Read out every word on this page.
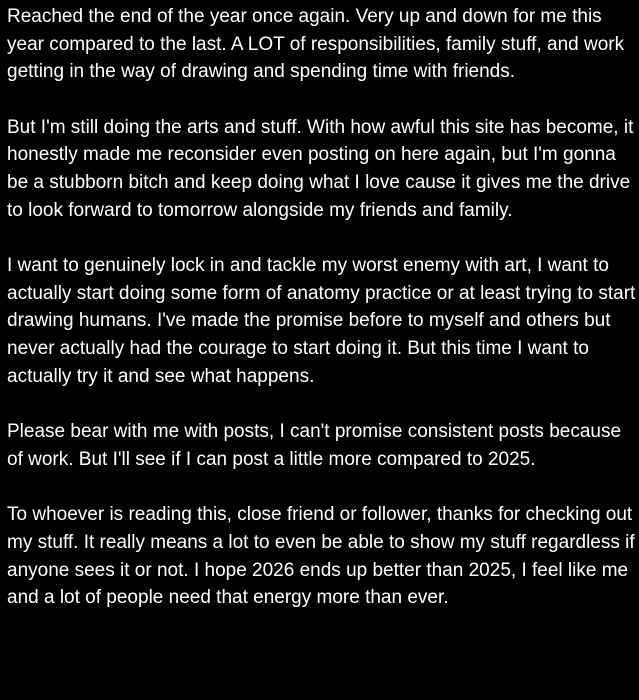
Reached the end of the year once again. Very up and down for me this year compared to the last. A LOT of responsibilities, family stuff, and work getting in the way of drawing and spending time with friends.

But I'm still doing the arts and stuff. With how awful this site has become, it honestly made me reconsider even posting on here again, but I'm gonna be a stubborn bitch and keep doing what I love cause it gives me the drive to look forward to tomorrow alongside my friends and family.

I want to genuinely lock in and tackle my worst enemy with art, I want to actually start doing some form of anatomy practice or at least trying to start drawing humans. I've made the promise before to myself and others but never actually had the courage to start doing it. But this time I want to actually try it and see what happens.

Please bear with me with posts, I can't promise consistent posts because of work. But I'll see if I can post a little more compared to 2025.

To whoever is reading this, close friend or follower, thanks for checking out my stuff. It really means a lot to even be able to show my stuff regardless if anyone sees it or not. I hope 2026 ends up better than 2025, I feel like me and a lot of people need that energy more than ever.
